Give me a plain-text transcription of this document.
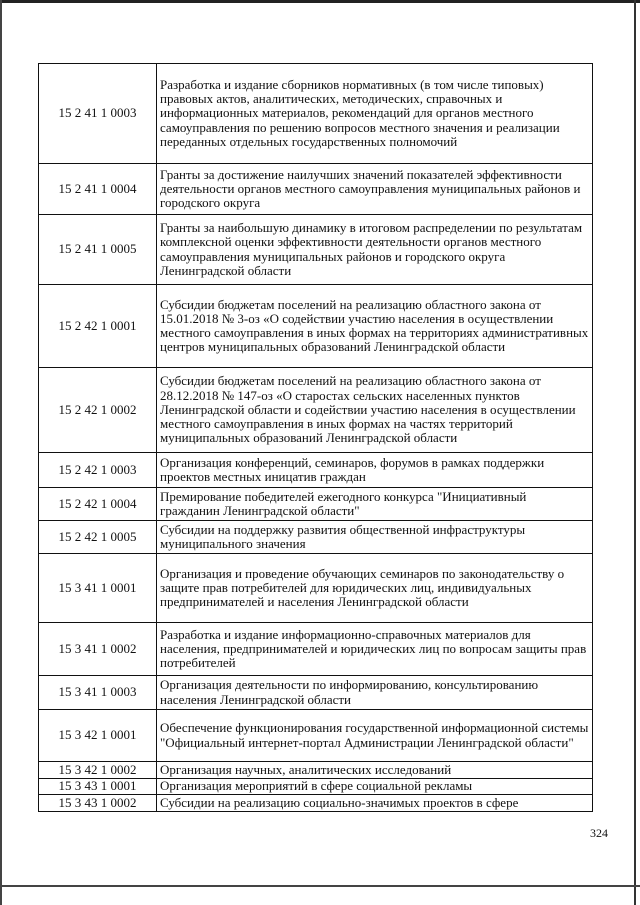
15 2 41 1 0003	Разработка и издание сборников нормативных (в том числе типовых) правовых актов, аналитических, методических, справочных и информационных материалов, рекомендаций для органов местного самоуправления по решению вопросов местного значения и реализации переданных отдельных государственных полномочий
15 2 41 1 0004	Гранты за достижение наилучших значений показателей эффективности деятельности органов местного самоуправления муниципальных районов и городского округа
15 2 41 1 0005	Гранты за наибольшую динамику в итоговом распределении по результатам комплексной оценки эффективности деятельности органов местного самоуправления муниципальных районов и городского округа Ленинградской области
15 2 42 1 0001	Субсидии бюджетам поселений на реализацию областного закона от 15.01.2018 № 3-оз «О содействии участию населения в осуществлении местного самоуправления в иных формах на территориях административных центров муниципальных образований Ленинградской области
15 2 42 1 0002	Субсидии бюджетам поселений на реализацию областного закона от 28.12.2018 № 147-оз «О старостах сельских населенных пунктов Ленинградской области и содействии участию населения в осуществлении местного самоуправления в иных формах на частях территорий муниципальных образований Ленинградской области
15 2 42 1 0003	Организация конференций, семинаров, форумов в рамках поддержки проектов местных иницатив граждан
15 2 42 1 0004	Премирование победителей ежегодного конкурса "Инициативный гражданин Ленинградской области"
15 2 42 1 0005	Субсидии на поддержку развития общественной инфраструктуры муниципального значения
15 3 41 1 0001	Организация и проведение обучающих семинаров по законодательству о защите прав потребителей для юридических лиц, индивидуальных предпринимателей и населения Ленинградской области
15 3 41 1 0002	Разработка и издание информационно-справочных материалов для населения, предпринимателей и юридических лиц по вопросам защиты прав потребителей
15 3 41 1 0003	Организация деятельности по информированию, консультированию населения Ленинградской области
15 3 42 1 0001	Обеспечение функционирования государственной информационной системы "Официальный интернет-портал Администрации Ленинградской области"
15 3 42 1 0002	Организация научных, аналитических исследований
15 3 43 1 0001	Организация мероприятий в сфере социальной рекламы
15 3 43 1 0002	Субсидии на реализацию социально-значимых проектов в сфере
324
